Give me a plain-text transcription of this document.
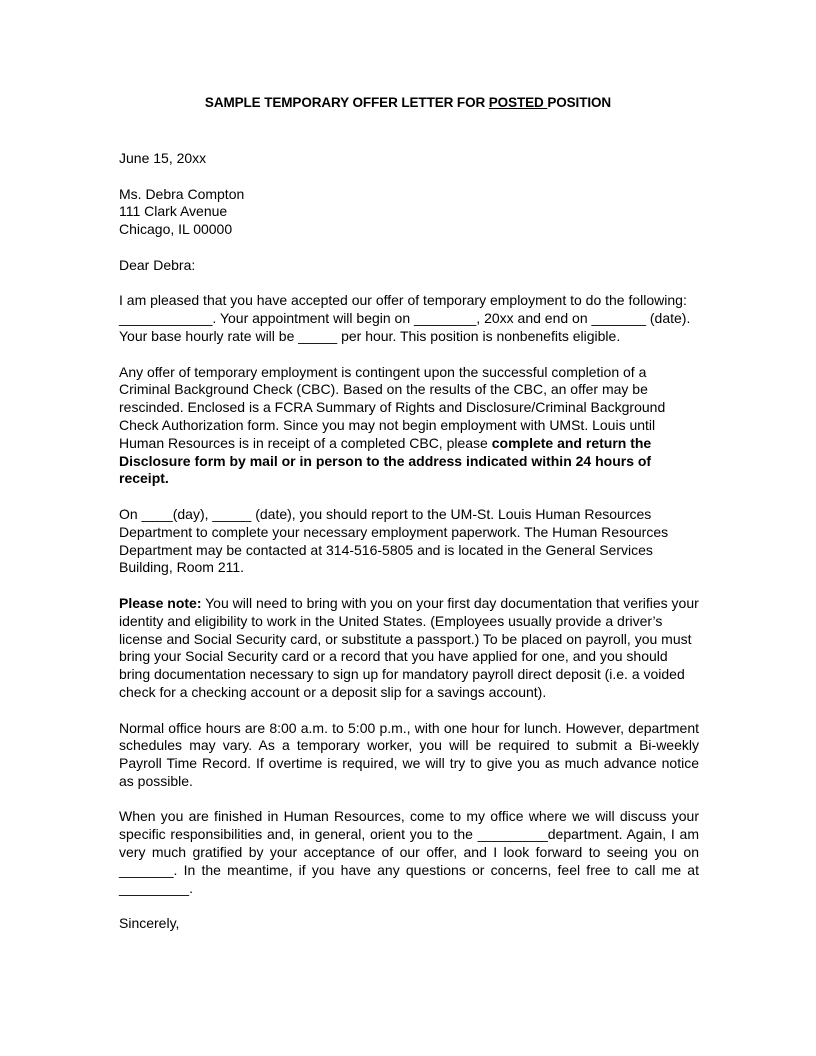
SAMPLE TEMPORARY OFFER LETTER FOR POSTED POSITION

June 15, 20xx

Ms. Debra Compton
111 Clark Avenue
Chicago, IL 00000

Dear Debra:

I am pleased that you have accepted our offer of temporary employment to do the following: ____________. Your appointment will begin on ________, 20xx and end on _______ (date). Your base hourly rate will be _____ per hour. This position is nonbenefits eligible.

Any offer of temporary employment is contingent upon the successful completion of a Criminal Background Check (CBC). Based on the results of the CBC, an offer may be rescinded. Enclosed is a FCRA Summary of Rights and Disclosure/Criminal Background Check Authorization form. Since you may not begin employment with UMSt. Louis until Human Resources is in receipt of a completed CBC, please complete and return the Disclosure form by mail or in person to the address indicated within 24 hours of receipt.

On ____(day), _____ (date), you should report to the UM-St. Louis Human Resources Department to complete your necessary employment paperwork. The Human Resources Department may be contacted at 314-516-5805 and is located in the General Services Building, Room 211.

Please note: You will need to bring with you on your first day documentation that verifies your identity and eligibility to work in the United States. (Employees usually provide a driver’s license and Social Security card, or substitute a passport.) To be placed on payroll, you must bring your Social Security card or a record that you have applied for one, and you should bring documentation necessary to sign up for mandatory payroll direct deposit (i.e. a voided check for a checking account or a deposit slip for a savings account).

Normal office hours are 8:00 a.m. to 5:00 p.m., with one hour for lunch. However, department schedules may vary. As a temporary worker, you will be required to submit a Bi-weekly Payroll Time Record. If overtime is required, we will try to give you as much advance notice as possible.

When you are finished in Human Resources, come to my office where we will discuss your specific responsibilities and, in general, orient you to the _________department. Again, I am very much gratified by your acceptance of our offer, and I look forward to seeing you on _______. In the meantime, if you have any questions or concerns, feel free to call me at _________.

Sincerely,
